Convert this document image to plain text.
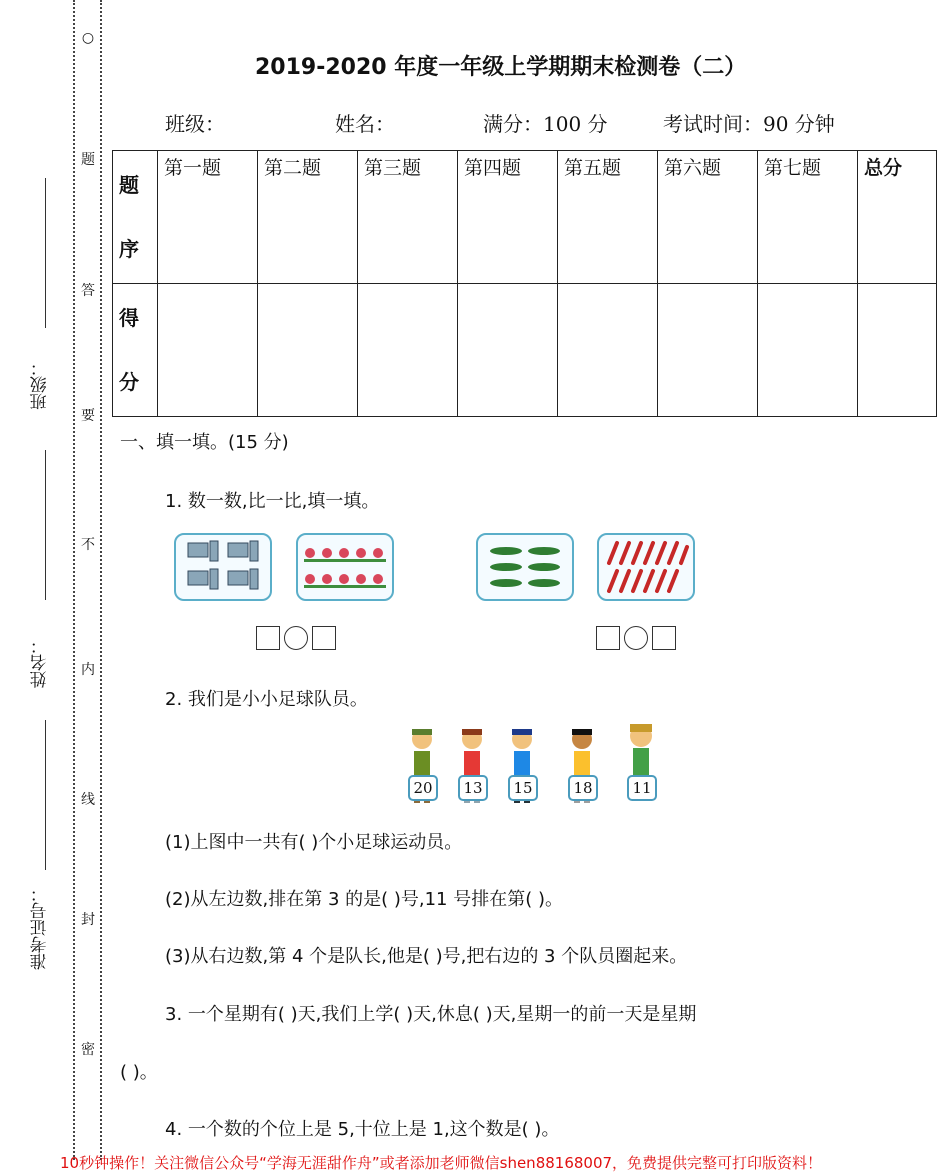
○
题
答
要
不
内
线
封
密
班级：
姓名：
准考证号：
2019-2020 年度一年级上学期期末检测卷（二）
班级：	姓名：	满分：100 分	考试时间：90 分钟
题
序	第一题	第二题	第三题	第四题	第五题	第六题	第七题	总分

得
分								

一、填一填。(15 分)
1. 数一数,比一比,填一填。
2. 我们是小小足球队员。
20	13	15	18	11
(1)上图中一共有( )个小足球运动员。
(2)从左边数,排在第 3 的是( )号,11 号排在第( )。
(3)从右边数,第 4 个是队长,他是( )号,把右边的 3 个队员圈起来。
3. 一个星期有( )天,我们上学( )天,休息( )天,星期一的前一天是星期
( )。
4. 一个数的个位上是 5,十位上是 1,这个数是( )。
10秒钟操作！关注微信公众号“学海无涯甜作舟”或者添加老师微信shen88168007，免费提供完整可打印版资料！
